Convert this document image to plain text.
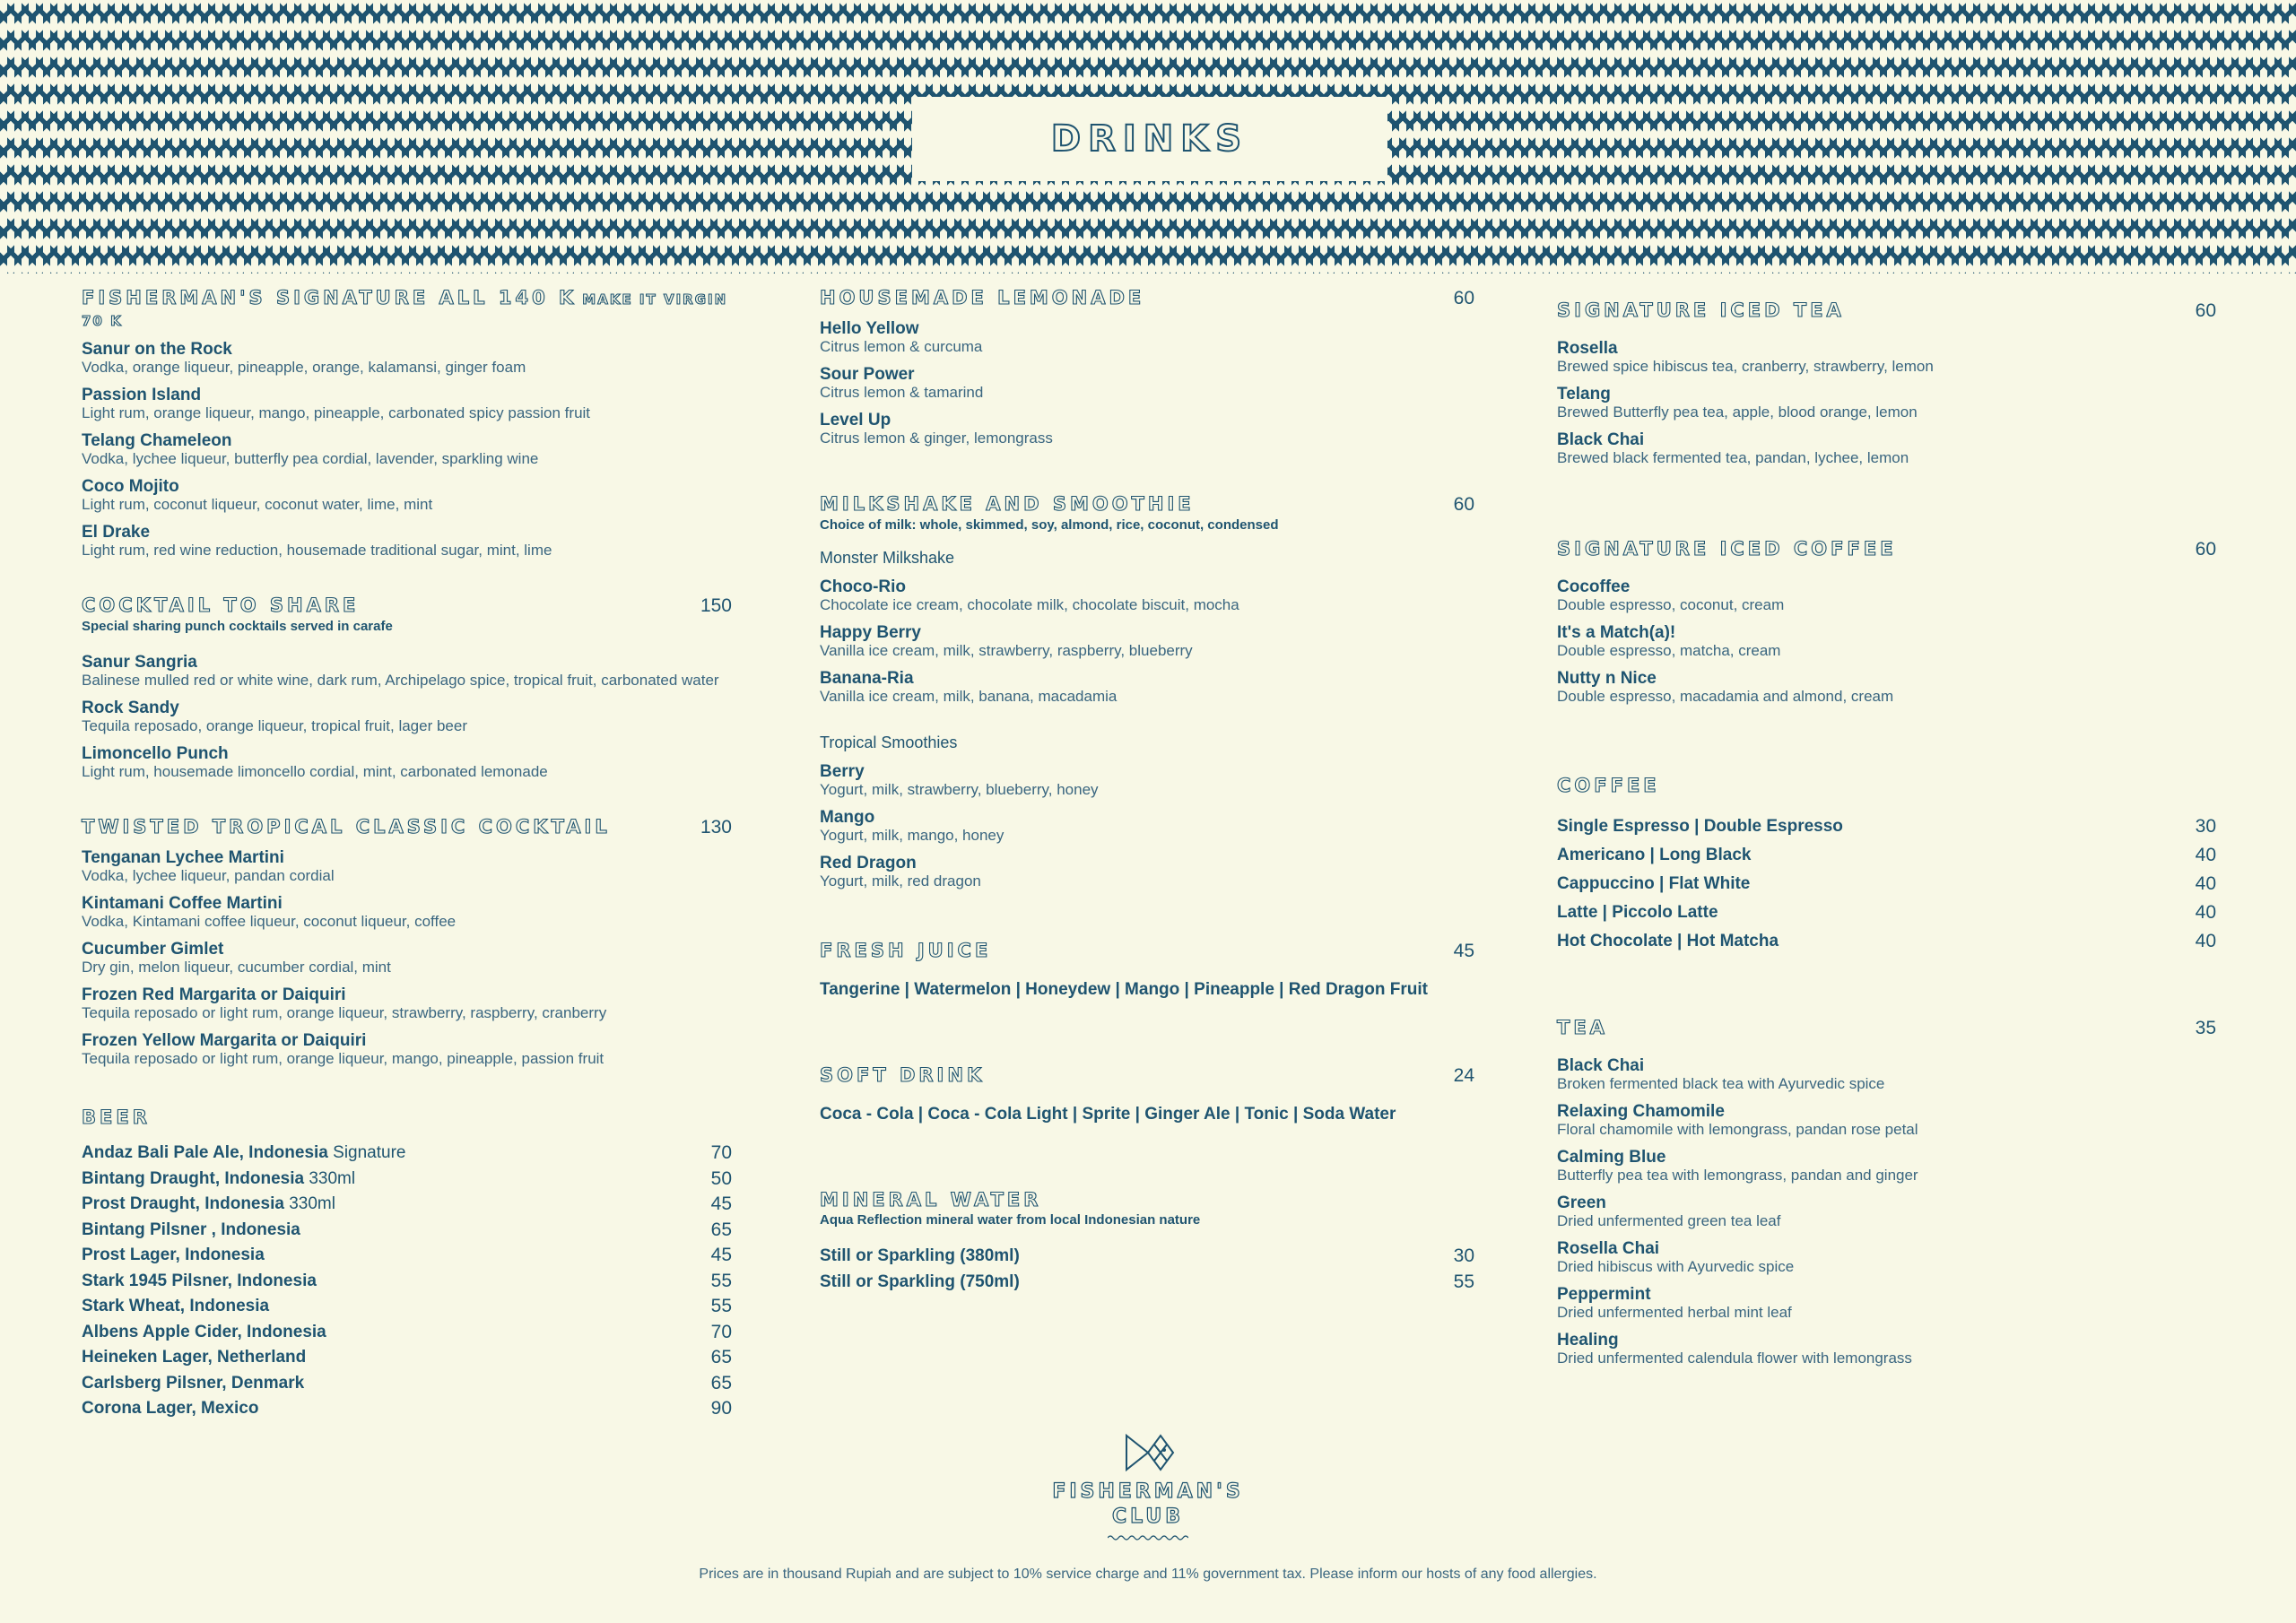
DRINKS
FISHERMAN'S SIGNATURE ALL 140 K MAKE IT VIRGIN 70 K
Sanur on the Rock
Vodka, orange liqueur, pineapple, orange, kalamansi, ginger foam
Passion Island
Light rum, orange liqueur, mango, pineapple, carbonated spicy passion fruit
Telang Chameleon
Vodka, lychee liqueur, butterfly pea cordial, lavender, sparkling wine
Coco Mojito
Light rum, coconut liqueur, coconut water, lime, mint
El Drake
Light rum, red wine reduction, housemade traditional sugar, mint, lime
COCKTAIL TO SHARE	150
Special sharing punch cocktails served in carafe
Sanur Sangria
Balinese mulled red or white wine, dark rum, Archipelago spice, tropical fruit, carbonated water
Rock Sandy
Tequila reposado, orange liqueur, tropical fruit, lager beer
Limoncello Punch
Light rum, housemade limoncello cordial, mint, carbonated lemonade
TWISTED TROPICAL CLASSIC COCKTAIL	130
Tenganan Lychee Martini
Vodka, lychee liqueur, pandan cordial
Kintamani Coffee Martini
Vodka, Kintamani coffee liqueur, coconut liqueur, coffee
Cucumber Gimlet
Dry gin, melon liqueur, cucumber cordial, mint
Frozen Red Margarita or Daiquiri
Tequila reposado or light rum, orange liqueur, strawberry, raspberry, cranberry
Frozen Yellow Margarita or Daiquiri
Tequila reposado or light rum, orange liqueur, mango, pineapple, passion fruit
BEER
Andaz Bali Pale Ale, Indonesia Signature	70
Bintang Draught, Indonesia 330ml	50
Prost Draught, Indonesia 330ml	45
Bintang Pilsner , Indonesia	65
Prost Lager, Indonesia	45
Stark 1945 Pilsner, Indonesia	55
Stark Wheat, Indonesia	55
Albens Apple Cider, Indonesia	70
Heineken Lager, Netherland	65
Carlsberg Pilsner, Denmark	65
Corona Lager, Mexico	90
HOUSEMADE LEMONADE	60
Hello Yellow
Citrus lemon & curcuma
Sour Power
Citrus lemon & tamarind
Level Up
Citrus lemon & ginger, lemongrass
MILKSHAKE AND SMOOTHIE	60
Choice of milk: whole, skimmed, soy, almond, rice, coconut, condensed
Monster Milkshake
Choco-Rio
Chocolate ice cream, chocolate milk, chocolate biscuit, mocha
Happy Berry
Vanilla ice cream, milk, strawberry, raspberry, blueberry
Banana-Ria
Vanilla ice cream, milk, banana, macadamia
Tropical Smoothies
Berry
Yogurt, milk, strawberry, blueberry, honey
Mango
Yogurt, milk, mango, honey
Red Dragon
Yogurt, milk, red dragon
FRESH JUICE	45
Tangerine | Watermelon | Honeydew | Mango | Pineapple | Red Dragon Fruit
SOFT DRINK	24
Coca - Cola | Coca - Cola Light | Sprite | Ginger Ale | Tonic | Soda Water
MINERAL WATER
Aqua Reflection mineral water from local Indonesian nature
Still or Sparkling (380ml)	30
Still or Sparkling (750ml)	55
SIGNATURE ICED TEA	60
Rosella
Brewed spice hibiscus tea, cranberry, strawberry, lemon
Telang
Brewed Butterfly pea tea, apple, blood orange, lemon
Black Chai
Brewed black fermented tea, pandan, lychee, lemon
SIGNATURE ICED COFFEE	60
Cocoffee
Double espresso, coconut, cream
It's a Match(a)!
Double espresso, matcha, cream
Nutty n Nice
Double espresso, macadamia and almond, cream
COFFEE
Single Espresso | Double Espresso	30
Americano | Long Black	40
Cappuccino | Flat White	40
Latte | Piccolo Latte	40
Hot Chocolate | Hot Matcha	40
TEA	35
Black Chai
Broken fermented black tea with Ayurvedic spice
Relaxing Chamomile
Floral chamomile with lemongrass, pandan rose petal
Calming Blue
Butterfly pea tea with lemongrass, pandan and ginger
Green
Dried unfermented green tea leaf
Rosella Chai
Dried hibiscus with Ayurvedic spice
Peppermint
Dried unfermented herbal mint leaf
Healing
Dried unfermented calendula flower with lemongrass
FISHERMAN'S
CLUB
Prices are in thousand Rupiah and are subject to 10% service charge and 11% government tax. Please inform our hosts of any food allergies.
